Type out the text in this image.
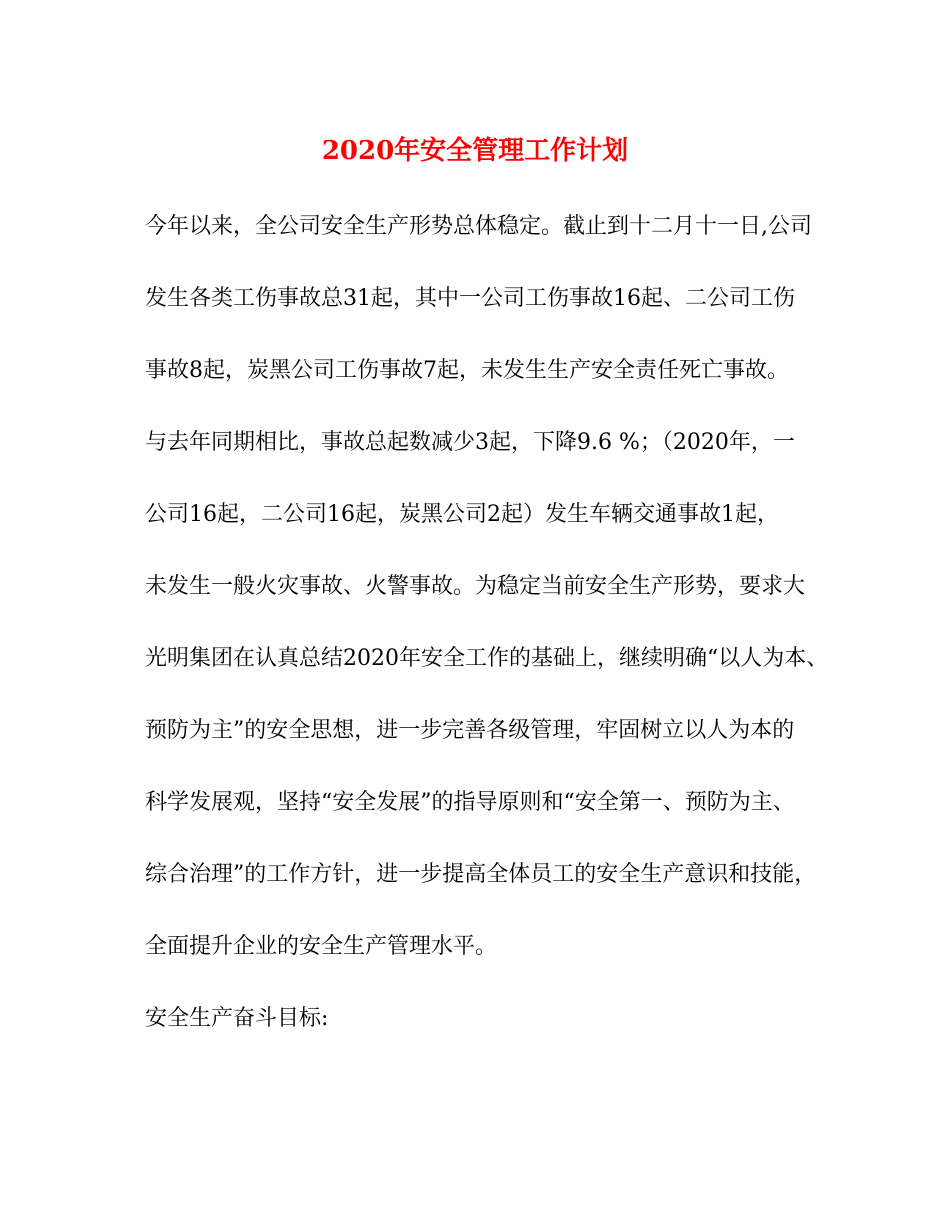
2020年安全管理工作计划
今年以来，全公司安全生产形势总体稳定。截止到十二月十一日,公司
发生各类工伤事故总31起，其中一公司工伤事故16起、二公司工伤
事故8起，炭黑公司工伤事故7起，未发生生产安全责任死亡事故。
与去年同期相比，事故总起数减少3起，下降9.6 %；（2020年，一
公司16起，二公司16起，炭黑公司2起）发生车辆交通事故1起，
未发生一般火灾事故、火警事故。为稳定当前安全生产形势，要求大
光明集团在认真总结2020年安全工作的基础上，继续明确“以人为本、
预防为主”的安全思想，进一步完善各级管理，牢固树立以人为本的
科学发展观，坚持“安全发展”的指导原则和“安全第一、预防为主、
综合治理”的工作方针，进一步提高全体员工的安全生产意识和技能，
全面提升企业的安全生产管理水平。
安全生产奋斗目标:
